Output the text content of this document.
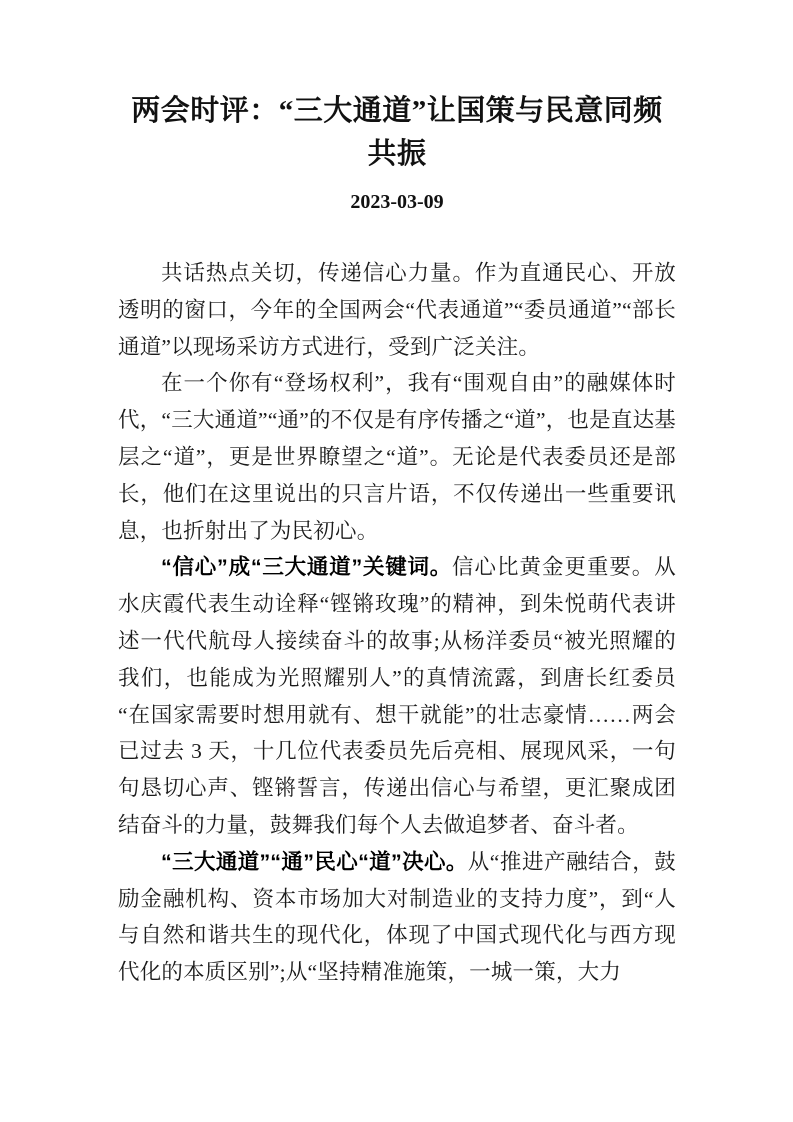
两会时评：“三大通道”让国策与民意同频共振
2023-03-09

共话热点关切，传递信心力量。作为直通民心、开放透明的窗口，今年的全国两会“代表通道”“委员通道”“部长通道”以现场采访方式进行，受到广泛关注。

在一个你有“登场权利”，我有“围观自由”的融媒体时代，“三大通道”“通”的不仅是有序传播之“道”，也是直达基层之“道”，更是世界瞭望之“道”。无论是代表委员还是部长，他们在这里说出的只言片语，不仅传递出一些重要讯息，也折射出了为民初心。

“信心”成“三大通道”关键词。信心比黄金更重要。从水庆霞代表生动诠释“铿锵玫瑰”的精神，到朱悦萌代表讲述一代代航母人接续奋斗的故事;从杨洋委员“被光照耀的我们，也能成为光照耀别人”的真情流露，到唐长红委员“在国家需要时想用就有、想干就能”的壮志豪情……两会已过去 3 天，十几位代表委员先后亮相、展现风采，一句句恳切心声、铿锵誓言，传递出信心与希望，更汇聚成团结奋斗的力量，鼓舞我们每个人去做追梦者、奋斗者。

“三大通道”“通”民心“道”决心。从“推进产融结合，鼓励金融机构、资本市场加大对制造业的支持力度”，到“人与自然和谐共生的现代化，体现了中国式现代化与西方现代化的本质区别”;从“坚持精准施策，一城一策，大力
